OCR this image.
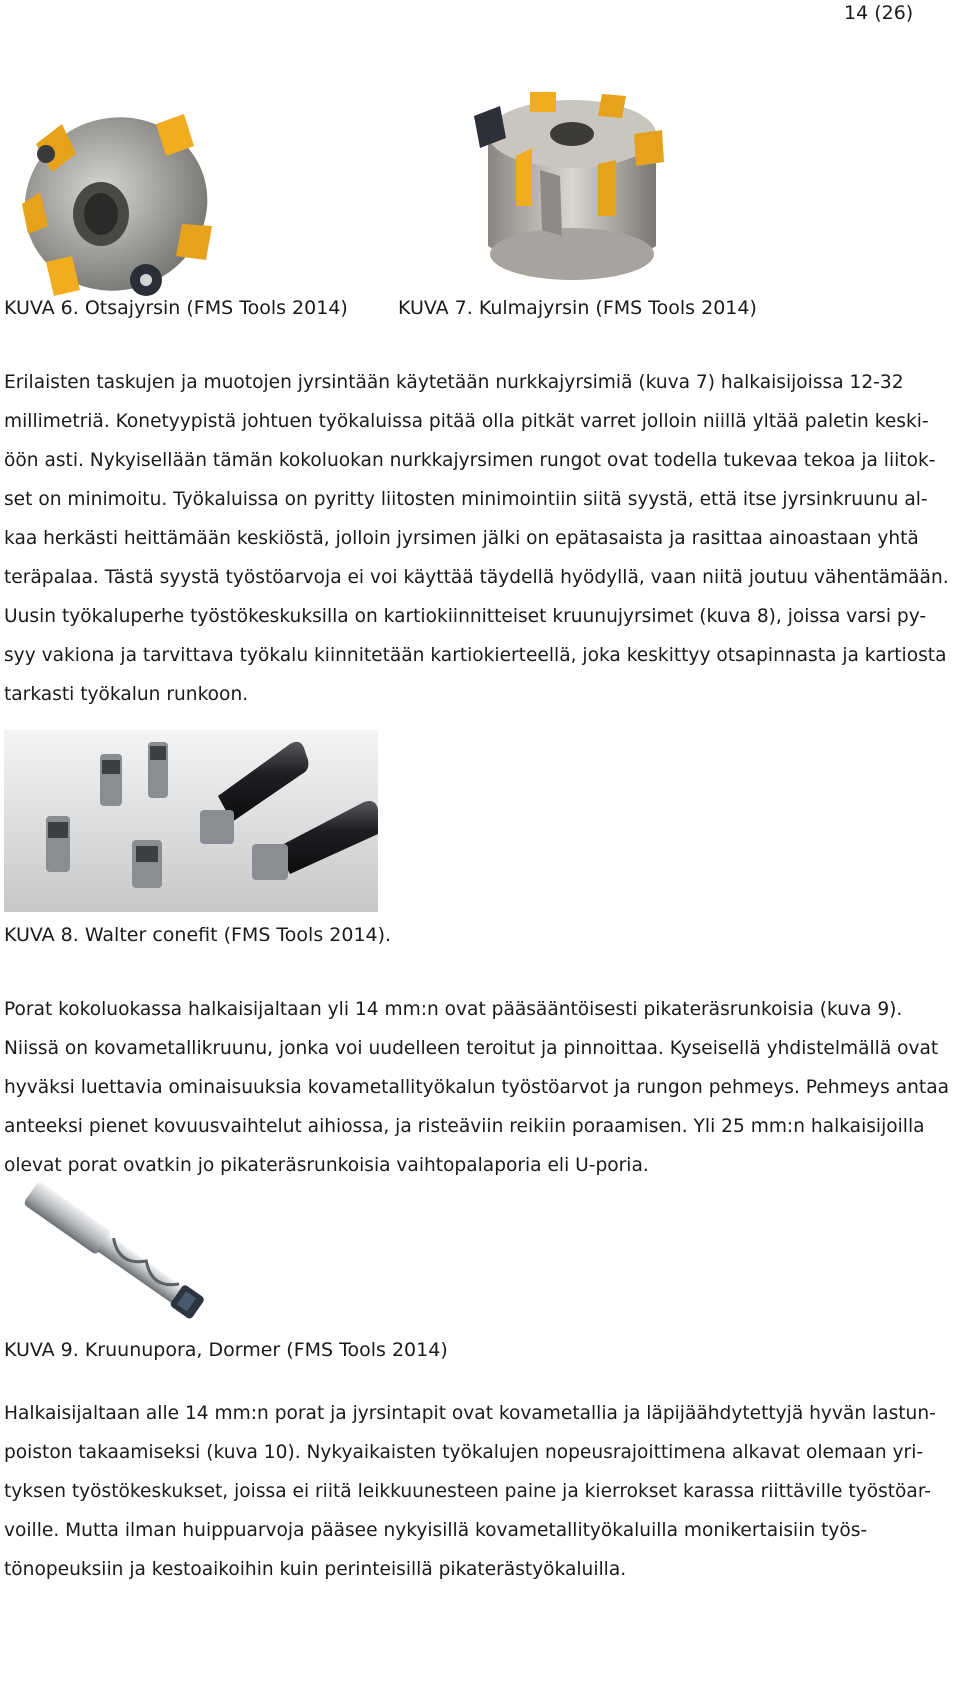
14 (26)
KUVA 6. Otsajyrsin (FMS Tools 2014)	KUVA 7. Kulmajyrsin (FMS Tools 2014)
Erilaisten taskujen ja muotojen jyrsintään käytetään nurkkajyrsimiä (kuva 7) halkaisijoissa 12-32
millimetriä. Konetyypistä johtuen työkaluissa pitää olla pitkät varret jolloin niillä yltää paletin keski-
öön asti. Nykyisellään tämän kokoluokan nurkkajyrsimen rungot ovat todella tukevaa tekoa ja liitok-
set on minimoitu. Työkaluissa on pyritty liitosten minimointiin siitä syystä, että itse jyrsinkruunu al-
kaa herkästi heittämään keskiöstä, jolloin jyrsimen jälki on epätasaista ja rasittaa ainoastaan yhtä
teräpalaa. Tästä syystä työstöarvoja ei voi käyttää täydellä hyödyllä, vaan niitä joutuu vähentämään.
Uusin työkaluperhe työstökeskuksilla on kartiokiinnitteiset kruunujyrsimet (kuva 8), joissa varsi py-
syy vakiona ja tarvittava työkalu kiinnitetään kartiokierteellä, joka keskittyy otsapinnasta ja kartiosta
tarkasti työkalun runkoon.
KUVA 8. Walter conefit (FMS Tools 2014).
Porat kokoluokassa halkaisijaltaan yli 14 mm:n ovat pääsääntöisesti pikateräsrunkoisia (kuva 9).
Niissä on kovametallikruunu, jonka voi uudelleen teroitut ja pinnoittaa. Kyseisellä yhdistelmällä ovat
hyväksi luettavia ominaisuuksia kovametallityökalun työstöarvot ja rungon pehmeys. Pehmeys antaa
anteeksi pienet kovuusvaihtelut aihiossa, ja risteäviin reikiin poraamisen. Yli 25 mm:n halkaisijoilla
olevat porat ovatkin jo pikateräsrunkoisia vaihtopalaporia eli U-poria.
KUVA 9. Kruunupora, Dormer (FMS Tools 2014)
Halkaisijaltaan alle 14 mm:n porat ja jyrsintapit ovat kovametallia ja läpijäähdytettyjä hyvän lastun-
poiston takaamiseksi (kuva 10). Nykyaikaisten työkalujen nopeusrajoittimena alkavat olemaan yri-
tyksen työstökeskukset, joissa ei riitä leikkuunesteen paine ja kierrokset karassa riittäville työstöar-
voille. Mutta ilman huippuarvoja pääsee nykyisillä kovametallityökaluilla monikertaisiin työs-
tönopeuksiin ja kestoaikoihin kuin perinteisillä pikaterästyökaluilla.
